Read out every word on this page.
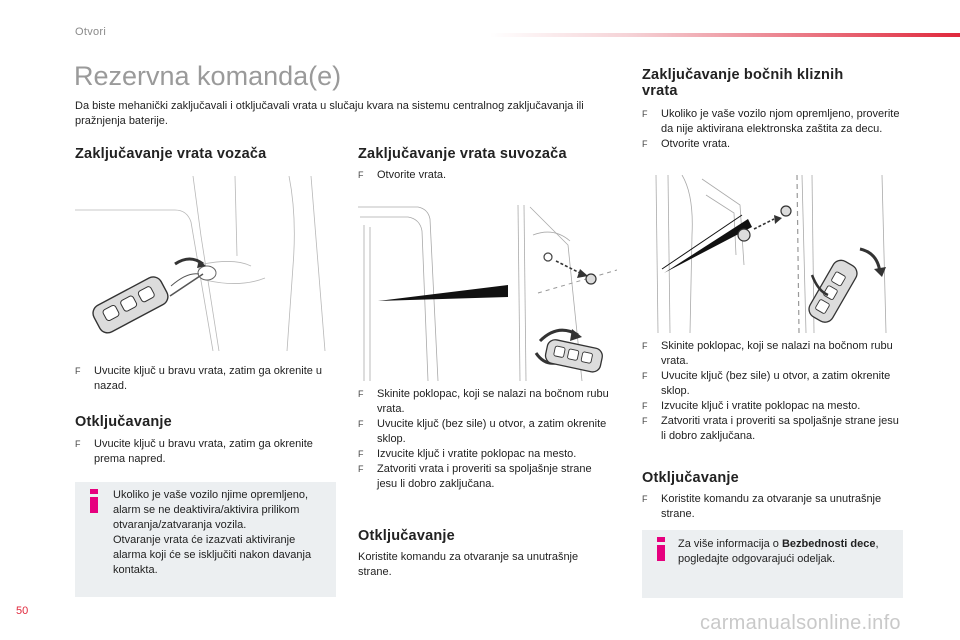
Otvori
Rezervna komanda(e)
Da biste mehanički zaključavali i otključavali vrata u slučaju kvara na sistemu centralnog zaključavanja ili pražnjenja baterije.
Zaključavanje vrata vozača
F Uvucite ključ u bravu vrata, zatim ga okrenite u nazad.
Otključavanje
F Uvucite ključ u bravu vrata, zatim ga okrenite prema napred.
Ukoliko je vaše vozilo njime opremljeno, alarm se ne deaktivira/aktivira prilikom otvaranja/zatvaranja vozila.
Otvaranje vrata će izazvati aktiviranje alarma koji će se isključiti nakon davanja kontakta.
Zaključavanje vrata suvozača
F Otvorite vrata.
F Skinite poklopac, koji se nalazi na bočnom rubu vrata.
F Uvucite ključ (bez sile) u otvor, a zatim okrenite sklop.
F Izvucite ključ i vratite poklopac na mesto.
F Zatvoriti vrata i proveriti sa spoljašnje strane jesu li dobro zaključana.
Otključavanje
Koristite komandu za otvaranje sa unutrašnje strane.
Zaključavanje bočnih kliznih vrata
F Ukoliko je vaše vozilo njom opremljeno, proverite da nije aktivirana elektronska zaštita za decu.
F Otvorite vrata.
F Skinite poklopac, koji se nalazi na bočnom rubu vrata.
F Uvucite ključ (bez sile) u otvor, a zatim okrenite sklop.
F Izvucite ključ i vratite poklopac na mesto.
F Zatvoriti vrata i proveriti sa spoljašnje strane jesu li dobro zaključana.
Otključavanje
F Koristite komandu za otvaranje sa unutrašnje strane.
Za više informacija o Bezbednosti dece, pogledajte odgovarajući odeljak.
50
carmanualsonline.info
